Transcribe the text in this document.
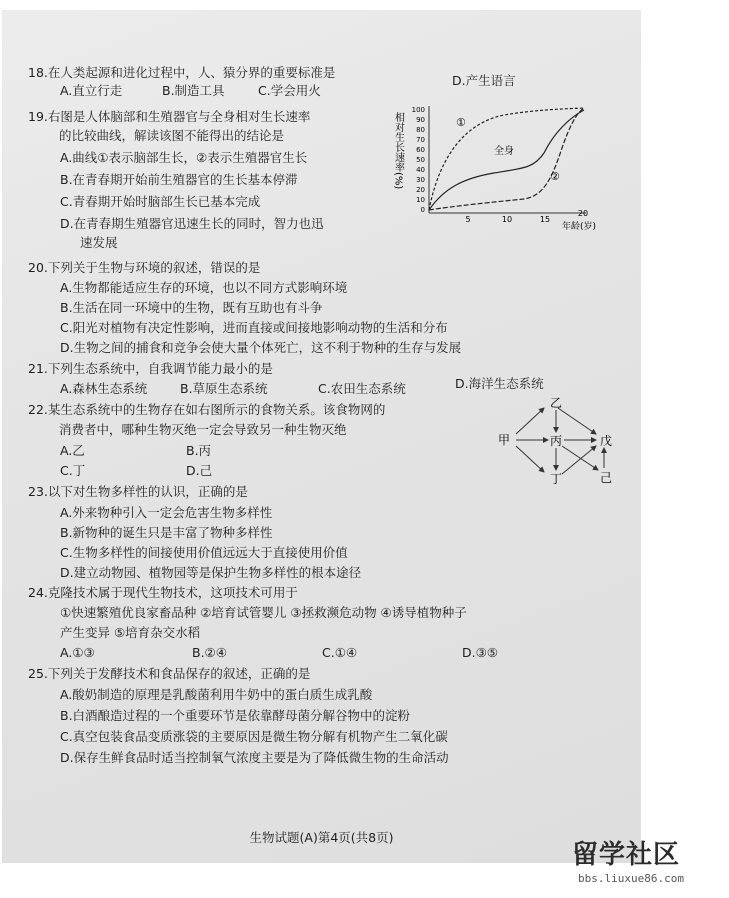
18.在人类起源和进化过程中，人、猿分界的重要标准是
A.直立行走	B.制造工具	C.学会用火
D.产生语言
19.右图是人体脑部和生殖器官与全身相对生长速率
的比较曲线，解读该图不能得出的结论是
A.曲线①表示脑部生长，②表示生殖器官生长
B.在青春期开始前生殖器官的生长基本停滞
C.青春期开始时脑部生长已基本完成
D.在青春期生殖器官迅速生长的同时，智力也迅
速发展
相对生长速率(%)
100
90
80
70
60
50
40
30
20
10
0
5	10	15
20
年龄(岁)
①
全身
②
20.下列关于生物与环境的叙述，错误的是
A.生物都能适应生存的环境，也以不同方式影响环境
B.生活在同一环境中的生物，既有互助也有斗争
C.阳光对植物有决定性影响，进而直接或间接地影响动物的生活和分布
D.生物之间的捕食和竞争会使大量个体死亡，这不利于物种的生存与发展
21.下列生态系统中，自我调节能力最小的是
A.森林生态系统	B.草原生态系统	C.农田生态系统	D.海洋生态系统
22.某生态系统中的生物存在如右图所示的食物关系。该食物网的
消费者中，哪种生物灭绝一定会导致另一种生物灭绝
A.乙	B.丙
C.丁	D.己
甲
乙
丙
丁
戊
己
23.以下对生物多样性的认识，正确的是
A.外来物种引入一定会危害生物多样性
B.新物种的诞生只是丰富了物种多样性
C.生物多样性的间接使用价值远远大于直接使用价值
D.建立动物园、植物园等是保护生物多样性的根本途径
24.克隆技术属于现代生物技术，这项技术可用于
①快速繁殖优良家畜品种 ②培育试管婴儿 ③拯救濒危动物 ④诱导植物种子
产生变异 ⑤培育杂交水稻
A.①③	B.②④	C.①④	D.③⑤
25.下列关于发酵技术和食品保存的叙述，正确的是
A.酸奶制造的原理是乳酸菌利用牛奶中的蛋白质生成乳酸
B.白酒酿造过程的一个重要环节是依靠酵母菌分解谷物中的淀粉
C.真空包装食品变质涨袋的主要原因是微生物分解有机物产生二氧化碳
D.保存生鲜食品时适当控制氧气浓度主要是为了降低微生物的生命活动
生物试题(A)第4页(共8页)
留学社区
bbs.liuxue86.com
